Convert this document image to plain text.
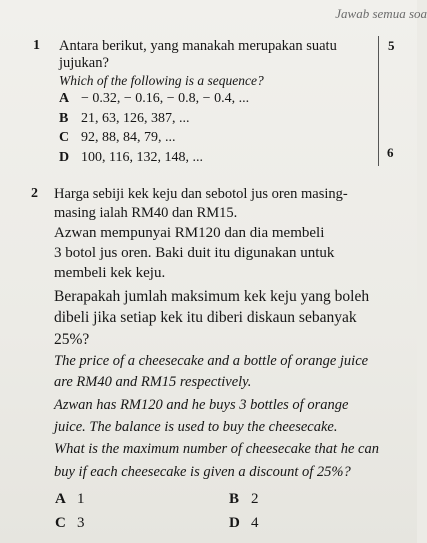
Jawab semua soa
5
6
1 Antara berikut, yang manakah merupakan suatu
jujukan?
Which of the following is a sequence?
A − 0.32, − 0.16, − 0.8, − 0.4, ...
B 21, 63, 126, 387, ...
C 92, 88, 84, 79, ...
D 100, 116, 132, 148, ...
2 Harga sebiji kek keju dan sebotol jus oren masing-
masing ialah RM40 dan RM15.
Azwan mempunyai RM120 dan dia membeli
3 botol jus oren. Baki duit itu digunakan untuk
membeli kek keju.
Berapakah jumlah maksimum kek keju yang boleh
dibeli jika setiap kek itu diberi diskaun sebanyak
25%?
The price of a cheesecake and a bottle of orange juice
are RM40 and RM15 respectively.
Azwan has RM120 and he buys 3 bottles of orange
juice. The balance is used to buy the cheesecake.
What is the maximum number of cheesecake that he can
buy if each cheesecake is given a discount of 25%?
A 1	B 2
C 3	D 4
